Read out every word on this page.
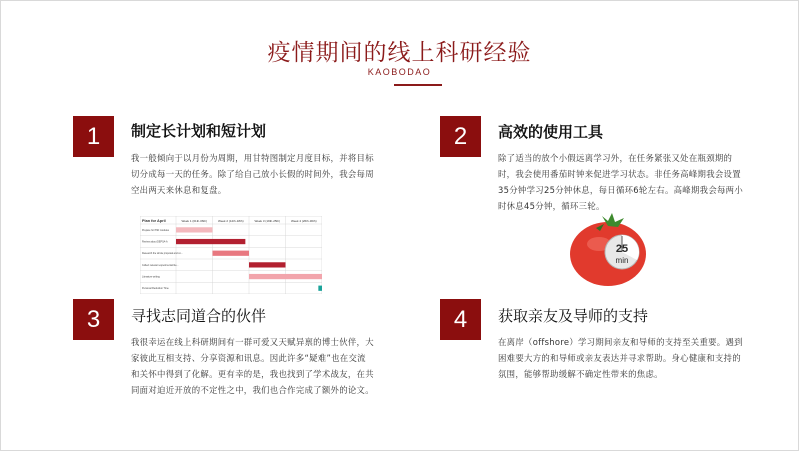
疫情期间的线上科研经验
KAOBODAO
1	制定长计划和短计划
我一般倾向于以月份为周期，用甘特图制定月度目标，并将目标切分成每一天的任务。除了给自己放小长假的时间外，我会每周空出两天来休息和复盘。
2	高效的使用工具
除了适当的放个小假远离学习外，在任务紧张又处在瓶颈期的时，我会使用番茄时钟来促进学习状态。非任务高峰期我会设置35分钟学习25分钟休息，每日循环6轮左右。高峰期我会每两小时休息45分钟，循环三轮。
Plan for April	Week 1 (01th-06th)	Week 2 (12th-18th)	Week 3 (19th-25th)	Week 4 (26th-30th)
Prepare for PhD modules
Review about DEPSA-A
Research the whole proposal and co…
Collect relevant experimental lite…
Literature writing
Personal Reduction Time
25
min
3	寻找志同道合的伙伴
我很幸运在线上科研期间有一群可爱又天赋异禀的博士伙伴，大家彼此互相支持、分享资源和讯息。因此许多“疑难”也在交流和关怀中得到了化解。更有幸的是，我也找到了学术战友，在共同面对迫近开放的不定性之中，我们也合作完成了额外的论文。
4	获取亲友及导师的支持
在离岸（offshore）学习期间亲友和导师的支持至关重要。遇到困难要大方的和导师或亲友表达并寻求帮助。身心健康和支持的氛围，能够帮助缓解不确定性带来的焦虑。
